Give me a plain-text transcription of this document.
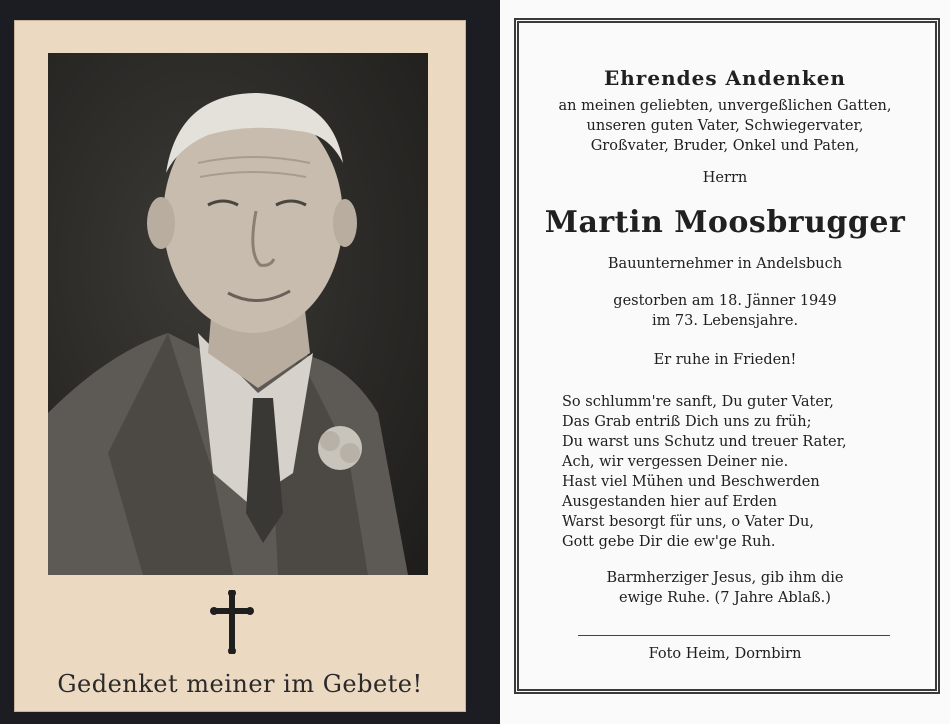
Gedenket meiner im Gebete!
Ehrendes Andenken
an meinen geliebten, unvergeßlichen Gatten,
unseren guten Vater, Schwiegervater,
Großvater, Bruder, Onkel und Paten,
Herrn
Martin Moosbrugger
Bauunternehmer in Andelsbuch
gestorben am 18. Jänner 1949
im 73. Lebensjahre.
Er ruhe in Frieden!
So schlumm're sanft, Du guter Vater,
Das Grab entriß Dich uns zu früh;
Du warst uns Schutz und treuer Rater,
Ach, wir vergessen Deiner nie.
Hast viel Mühen und Beschwerden
Ausgestanden hier auf Erden
Warst besorgt für uns, o Vater Du,
Gott gebe Dir die ew'ge Ruh.
Barmherziger Jesus, gib ihm die
ewige Ruhe. (7 Jahre Ablaß.)
Foto Heim, Dornbirn
